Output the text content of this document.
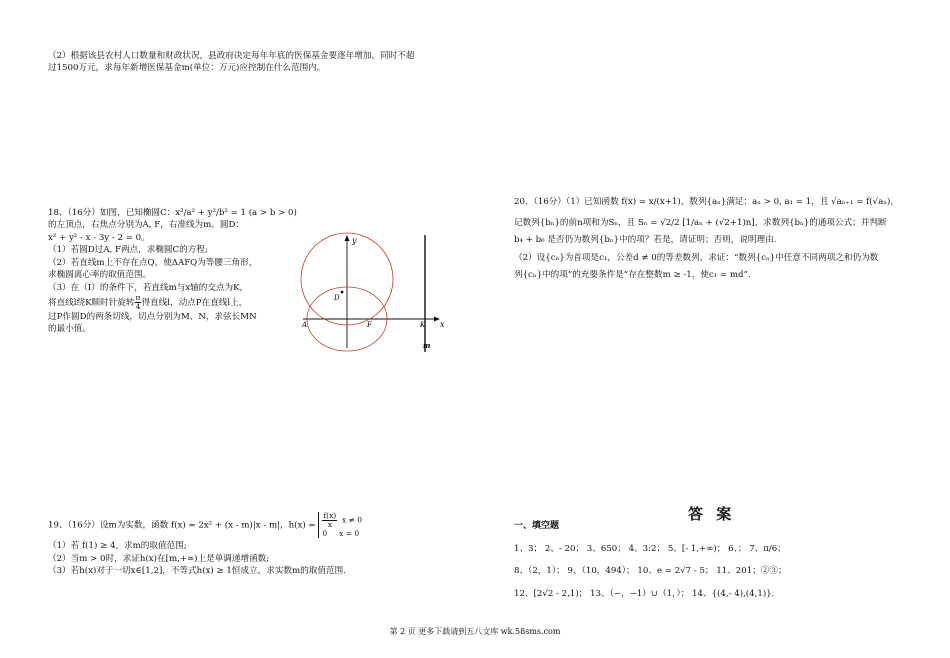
（2）根据该县农村人口数量和财政状况，县政府决定每年年底的医保基金要逐年增加，同时不超

过1500万元，求每年新增医保基金m(单位：万元)应控制在什么范围内。

18、（16分）如图，已知椭圆C：x²/a² + y²/b² = 1 (a > b > 0)

的左顶点，右焦点分别为A, F，右准线为m。圆D：

x² + y² - x - 3y - 2 = 0。

（1）若圆D过A, F两点，求椭圆C的方程;

（2）若直线m上不存在点Q，使ΔAFQ为等腰三角形，

求椭圆离心率的取值范围。

（3）在（Ⅰ）的条件下，若直线m与x轴的交点为K，

将直线l绕K顺时针旋转 $\frac{\pi}{4}$ 得直线l，动点P在直线l上，

过P作圆D的两条切线，切点分别为M、N，求弦长MN

的最小值。

y
x
A	F	K
D
m

20、（16分）（1）已知函数 f(x) = x/(x+1)，数列{aₙ}满足：aₙ > 0, a₁ = 1，且 √aₙ₊₁ = f(√aₙ)，

记数列{bₙ}的前n项和为Sₙ，且 Sₙ = √2/2 [1/aₙ + (√2+1)n]，求数列{bₙ}的通项公式；并判断

b₄ + b₆ 是否仍为数列{bₙ}中的项？若是，请证明；否则，说明理由.

（2）设{cₙ}为首项是c₁，公差d ≠ 0的等差数列，求证：“数列{cₙ}中任意不同两项之和仍为数

列{cₙ}中的项”的充要条件是“存在整数m ≥ -1，使c₁ = md”.

19、（16分）设m为实数，函数 f(x) = 2x² + (x - m)|x - m|，$h(x) = \frac{f(x)}{x}$ x ≠ 0
0 x = 0

（1）若 f(1) ≥ 4，求m的取值范围;

（2）当m > 0时，求证h(x)在[m,+∞)上是单调递增函数;

（3）若h(x)对于一切x∈[1,2]，不等式h(x) ≥ 1恒成立，求实数m的取值范围.

答 案
一、填空题

1、3； 2、- 20； 3、650； 4、3:2； 5、[- 1,+∞)； 6、； 7、π/6；

8、（2，1）； 9、（10，494）； 10、e = 2√7 - 5； 11、201；②③；

12、[2√2 - 2,1)； 13、（−，−1）∪（1，）； 14、{(4,- 4),(4,1)}．

第 2 页 更多下载请到五八文库 wk.58sms.com
